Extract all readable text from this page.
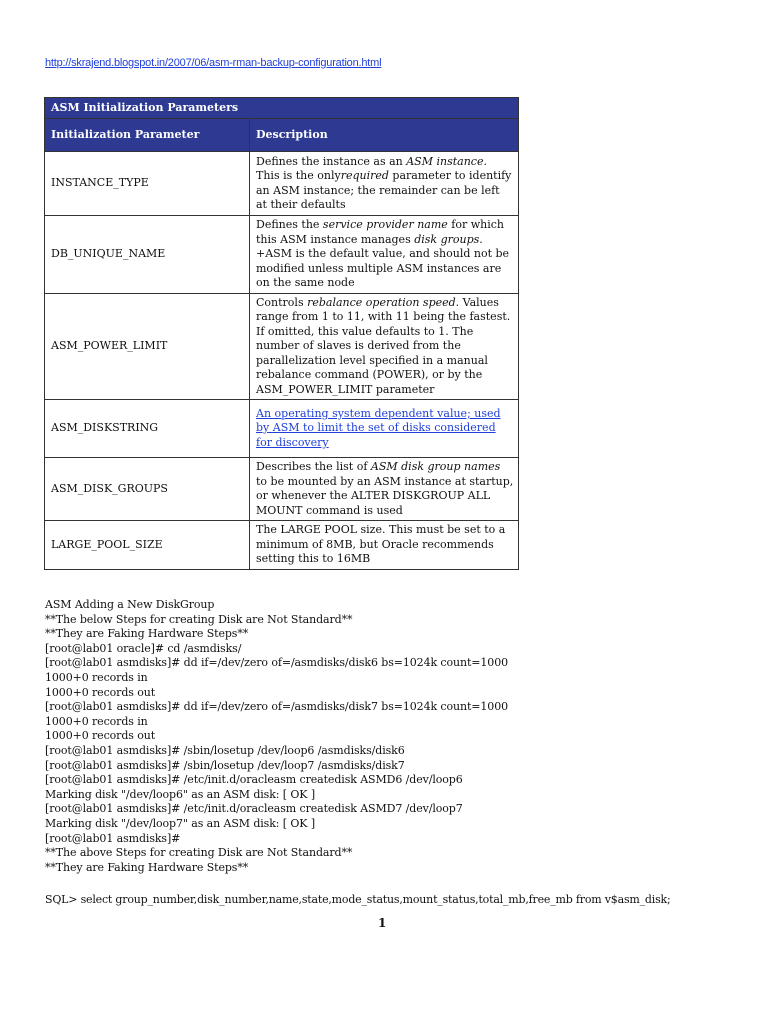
http://skrajend.blogspot.in/2007/06/asm-rman-backup-configuration.html
ASM Initialization Parameters	
Initialization Parameter	Description
INSTANCE_TYPE	Defines the instance as an ASM instance. This is the onlyrequired parameter to identify an ASM instance; the remainder can be left at their defaults
DB_UNIQUE_NAME	Defines the service provider name for which this ASM instance manages disk groups. +ASM is the default value, and should not be modified unless multiple ASM instances are on the same node
ASM_POWER_LIMIT	Controls rebalance operation speed. Values range from 1 to 11, with 11 being the fastest. If omitted, this value defaults to 1. The number of slaves is derived from the parallelization level specified in a manual rebalance command (POWER), or by the ASM_POWER_LIMIT parameter
ASM_DISKSTRING	An operating system dependent value; used by ASM to limit the set of disks considered for discovery
ASM_DISK_GROUPS	Describes the list of ASM disk group names to be mounted by an ASM instance at startup, or whenever the ALTER DISKGROUP ALL MOUNT command is used
LARGE_POOL_SIZE	The LARGE POOL size. This must be set to a minimum of 8MB, but Oracle recommends setting this to 16MB
ASM Adding a New DiskGroup
**The below Steps for creating Disk are Not Standard**
**They are Faking Hardware Steps**
[root@lab01 oracle]# cd /asmdisks/
[root@lab01 asmdisks]# dd if=/dev/zero of=/asmdisks/disk6 bs=1024k count=1000
1000+0 records in
1000+0 records out
[root@lab01 asmdisks]# dd if=/dev/zero of=/asmdisks/disk7 bs=1024k count=1000
1000+0 records in
1000+0 records out
[root@lab01 asmdisks]# /sbin/losetup /dev/loop6 /asmdisks/disk6
[root@lab01 asmdisks]# /sbin/losetup /dev/loop7 /asmdisks/disk7
[root@lab01 asmdisks]# /etc/init.d/oracleasm createdisk ASMD6 /dev/loop6
Marking disk "/dev/loop6" as an ASM disk: [ OK ]
[root@lab01 asmdisks]# /etc/init.d/oracleasm createdisk ASMD7 /dev/loop7
Marking disk "/dev/loop7" as an ASM disk: [ OK ]
[root@lab01 asmdisks]#
**The above Steps for creating Disk are Not Standard**
**They are Faking Hardware Steps**
SQL> select group_number,disk_number,name,state,mode_status,mount_status,total_mb,free_mb from v$asm_disk;
1
